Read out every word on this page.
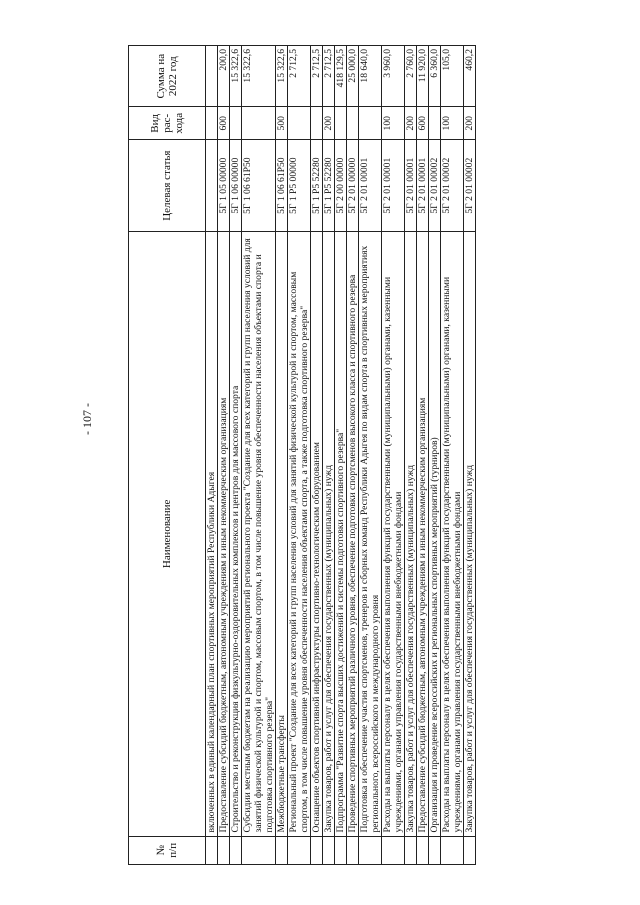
- 107 -
№ п/п	Наименование	Целевая статья	Вид рас-хода	Сумма на 2022 год
	включенных в единый календарный план спортивных мероприятий Республики Адыгея			
	Предоставление субсидий бюджетным, автономным учреждениям и иным некоммерческим организациям	5Г 1 05 00000	600	200,0
	Строительство и реконструкция физкультурно-оздоровительных комплексов и центров для массового спорта	5Г 1 06 00000		15 322,6
	Субсидии местным бюджетам на реализацию мероприятий регионального проекта "Создание для всех категорий и групп населения условий для занятий физической культурой и спортом, массовым спортом, в том числе повышение уровня обеспеченности населения объектами спорта и подготовка спортивного резерва"	5Г 1 06 61Р50		15 322,6
	Межбюджетные трансферты	5Г 1 06 61Р50	500	15 322,6
	Региональный проект "Создание для всех категорий и групп населения условий для занятий физической культурой и спортом, массовым спортом, в том числе повышение уровня обеспеченности населения объектами спорта, а также подготовка спортивного резерва"	5Г 1 Р5 00000		2 712,5
	Оснащение объектов спортивной инфраструктуры спортивно-технологическим оборудованием	5Г 1 Р5 52280		2 712,5
	Закупка товаров, работ и услуг для обеспечения государственных (муниципальных) нужд	5Г 1 Р5 52280	200	2 712,5
	Подпрограмма "Развитие спорта высших достижений и системы подготовки спортивного резерва"	5Г 2 00 00000		418 129,5
	Проведение спортивных мероприятий различного уровня, обеспечение подготовки спортсменов высокого класса и спортивного резерва	5Г 2 01 00000		25 000,0
	Подготовка и обеспечение участия спортсменов, тренеров и сборных команд Республики Адыгея по видам спорта в спортивных мероприятиях регионального, всероссийского и международного уровня	5Г 2 01 00001		18 640,0
	Расходы на выплаты персоналу в целях обеспечения выполнения функций государственными (муниципальными) органами, казенными учреждениями, органами управления государственными внебюджетными фондами	5Г 2 01 00001	100	3 960,0
	Закупка товаров, работ и услуг для обеспечения государственных (муниципальных) нужд	5Г 2 01 00001	200	2 760,0
	Предоставление субсидий бюджетным, автономным учреждениям и иным некоммерческим организациям	5Г 2 01 00001	600	11 920,0
	Организация и проведение всероссийских и региональных спортивных мероприятий (турниров)	5Г 2 01 00002		6 360,0
	Расходы на выплаты персоналу в целях обеспечения выполнения функций государственными (муниципальными) органами, казенными учреждениями, органами управления государственными внебюджетными фондами	5Г 2 01 00002	100	105,0
	Закупка товаров, работ и услуг для обеспечения государственных (муниципальных) нужд	5Г 2 01 00002	200	460,2
